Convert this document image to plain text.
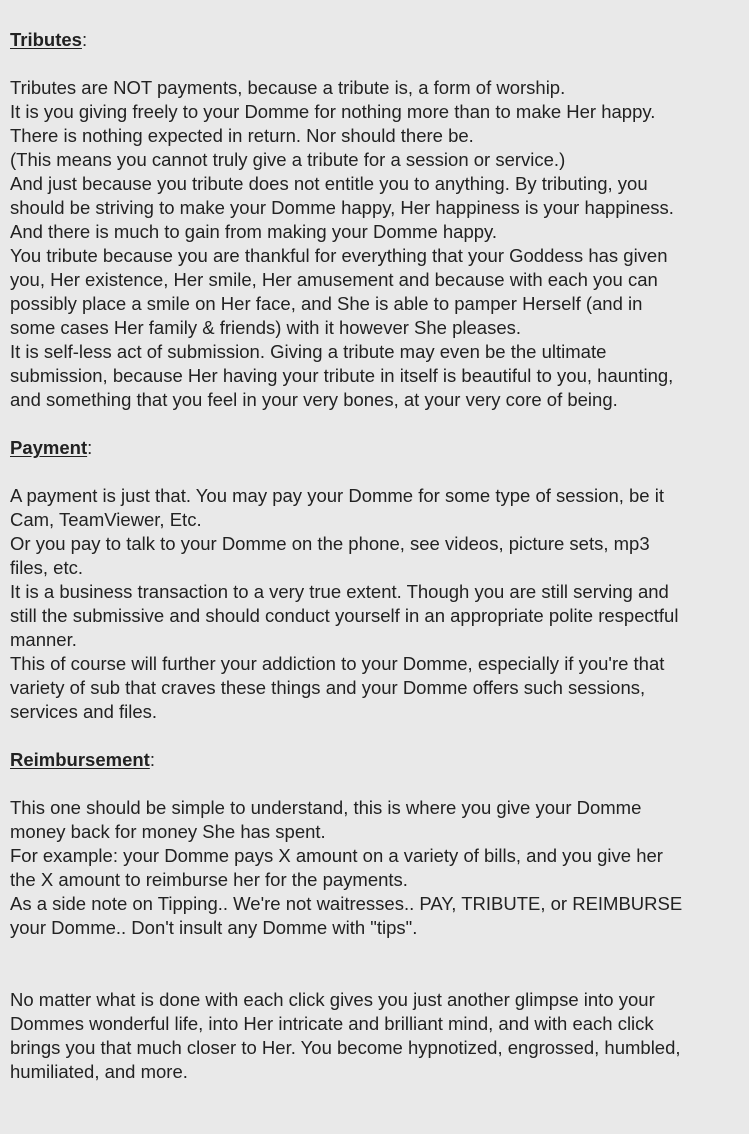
Tributes:
Tributes are NOT payments, because a tribute is, a form of worship.
It is you giving freely to your Domme for nothing more than to make Her happy.
There is nothing expected in return. Nor should there be.
(This means you cannot truly give a tribute for a session or service.)
And just because you tribute does not entitle you to anything. By tributing, you
should be striving to make your Domme happy, Her happiness is your happiness.
And there is much to gain from making your Domme happy.
You tribute because you are thankful for everything that your Goddess has given
you, Her existence, Her smile, Her amusement and because with each you can
possibly place a smile on Her face, and She is able to pamper Herself (and in
some cases Her family & friends) with it however She pleases.
It is self-less act of submission. Giving a tribute may even be the ultimate
submission, because Her having your tribute in itself is beautiful to you, haunting,
and something that you feel in your very bones, at your very core of being.
Payment:
A payment is just that. You may pay your Domme for some type of session, be it
Cam, TeamViewer, Etc.
Or you pay to talk to your Domme on the phone, see videos, picture sets, mp3
files, etc.
It is a business transaction to a very true extent. Though you are still serving and
still the submissive and should conduct yourself in an appropriate polite respectful
manner.
This of course will further your addiction to your Domme, especially if you're that
variety of sub that craves these things and your Domme offers such sessions,
services and files.
Reimbursement:
This one should be simple to understand, this is where you give your Domme
money back for money She has spent.
For example: your Domme pays X amount on a variety of bills, and you give her
the X amount to reimburse her for the payments.
As a side note on Tipping.. We're not waitresses.. PAY, TRIBUTE, or REIMBURSE
your Domme.. Don't insult any Domme with "tips".
No matter what is done with each click gives you just another glimpse into your
Dommes wonderful life, into Her intricate and brilliant mind, and with each click
brings you that much closer to Her. You become hypnotized, engrossed, humbled,
humiliated, and more.
